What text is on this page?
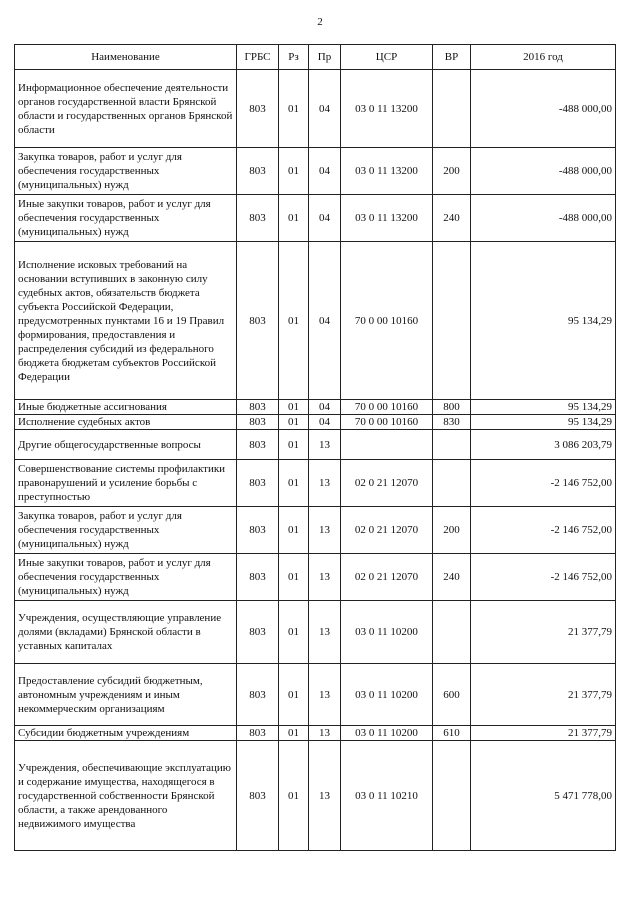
2
Наименование	ГРБС	Рз	Пр	ЦСР	ВР	2016 год
Информационное обеспечение деятельности органов государственной власти Брянской области и государственных органов Брянской области	803	01	04	03 0 11 13200		-488 000,00
Закупка товаров, работ и услуг для обеспечения государственных (муниципальных) нужд	803	01	04	03 0 11 13200	200	-488 000,00
Иные закупки товаров, работ и услуг для обеспечения государственных (муниципальных) нужд	803	01	04	03 0 11 13200	240	-488 000,00
Исполнение исковых требований на основании вступивших в законную силу судебных актов, обязательств бюджета субъекта Российской Федерации, предусмотренных пунктами 16 и 19 Правил формирования, предоставления и распределения субсидий из федерального бюджета бюджетам субъектов Российской Федерации	803	01	04	70 0 00 10160		95 134,29
Иные бюджетные ассигнования	803	01	04	70 0 00 10160	800	95 134,29
Исполнение судебных актов	803	01	04	70 0 00 10160	830	95 134,29
Другие общегосударственные вопросы	803	01	13			3 086 203,79
Совершенствование системы профилактики правонарушений и усиление борьбы с преступностью	803	01	13	02 0 21 12070		-2 146 752,00
Закупка товаров, работ и услуг для обеспечения государственных (муниципальных) нужд	803	01	13	02 0 21 12070	200	-2 146 752,00
Иные закупки товаров, работ и услуг для обеспечения государственных (муниципальных) нужд	803	01	13	02 0 21 12070	240	-2 146 752,00
Учреждения, осуществляющие управление долями (вкладами) Брянской области в уставных капиталах	803	01	13	03 0 11 10200		21 377,79
Предоставление субсидий бюджетным, автономным учреждениям и иным некоммерческим организациям	803	01	13	03 0 11 10200	600	21 377,79
Субсидии бюджетным учреждениям	803	01	13	03 0 11 10200	610	21 377,79
Учреждения, обеспечивающие эксплуатацию и содержание имущества, находящегося в государственной собственности Брянской области, а также арендованного недвижимого имущества	803	01	13	03 0 11 10210		5 471 778,00
